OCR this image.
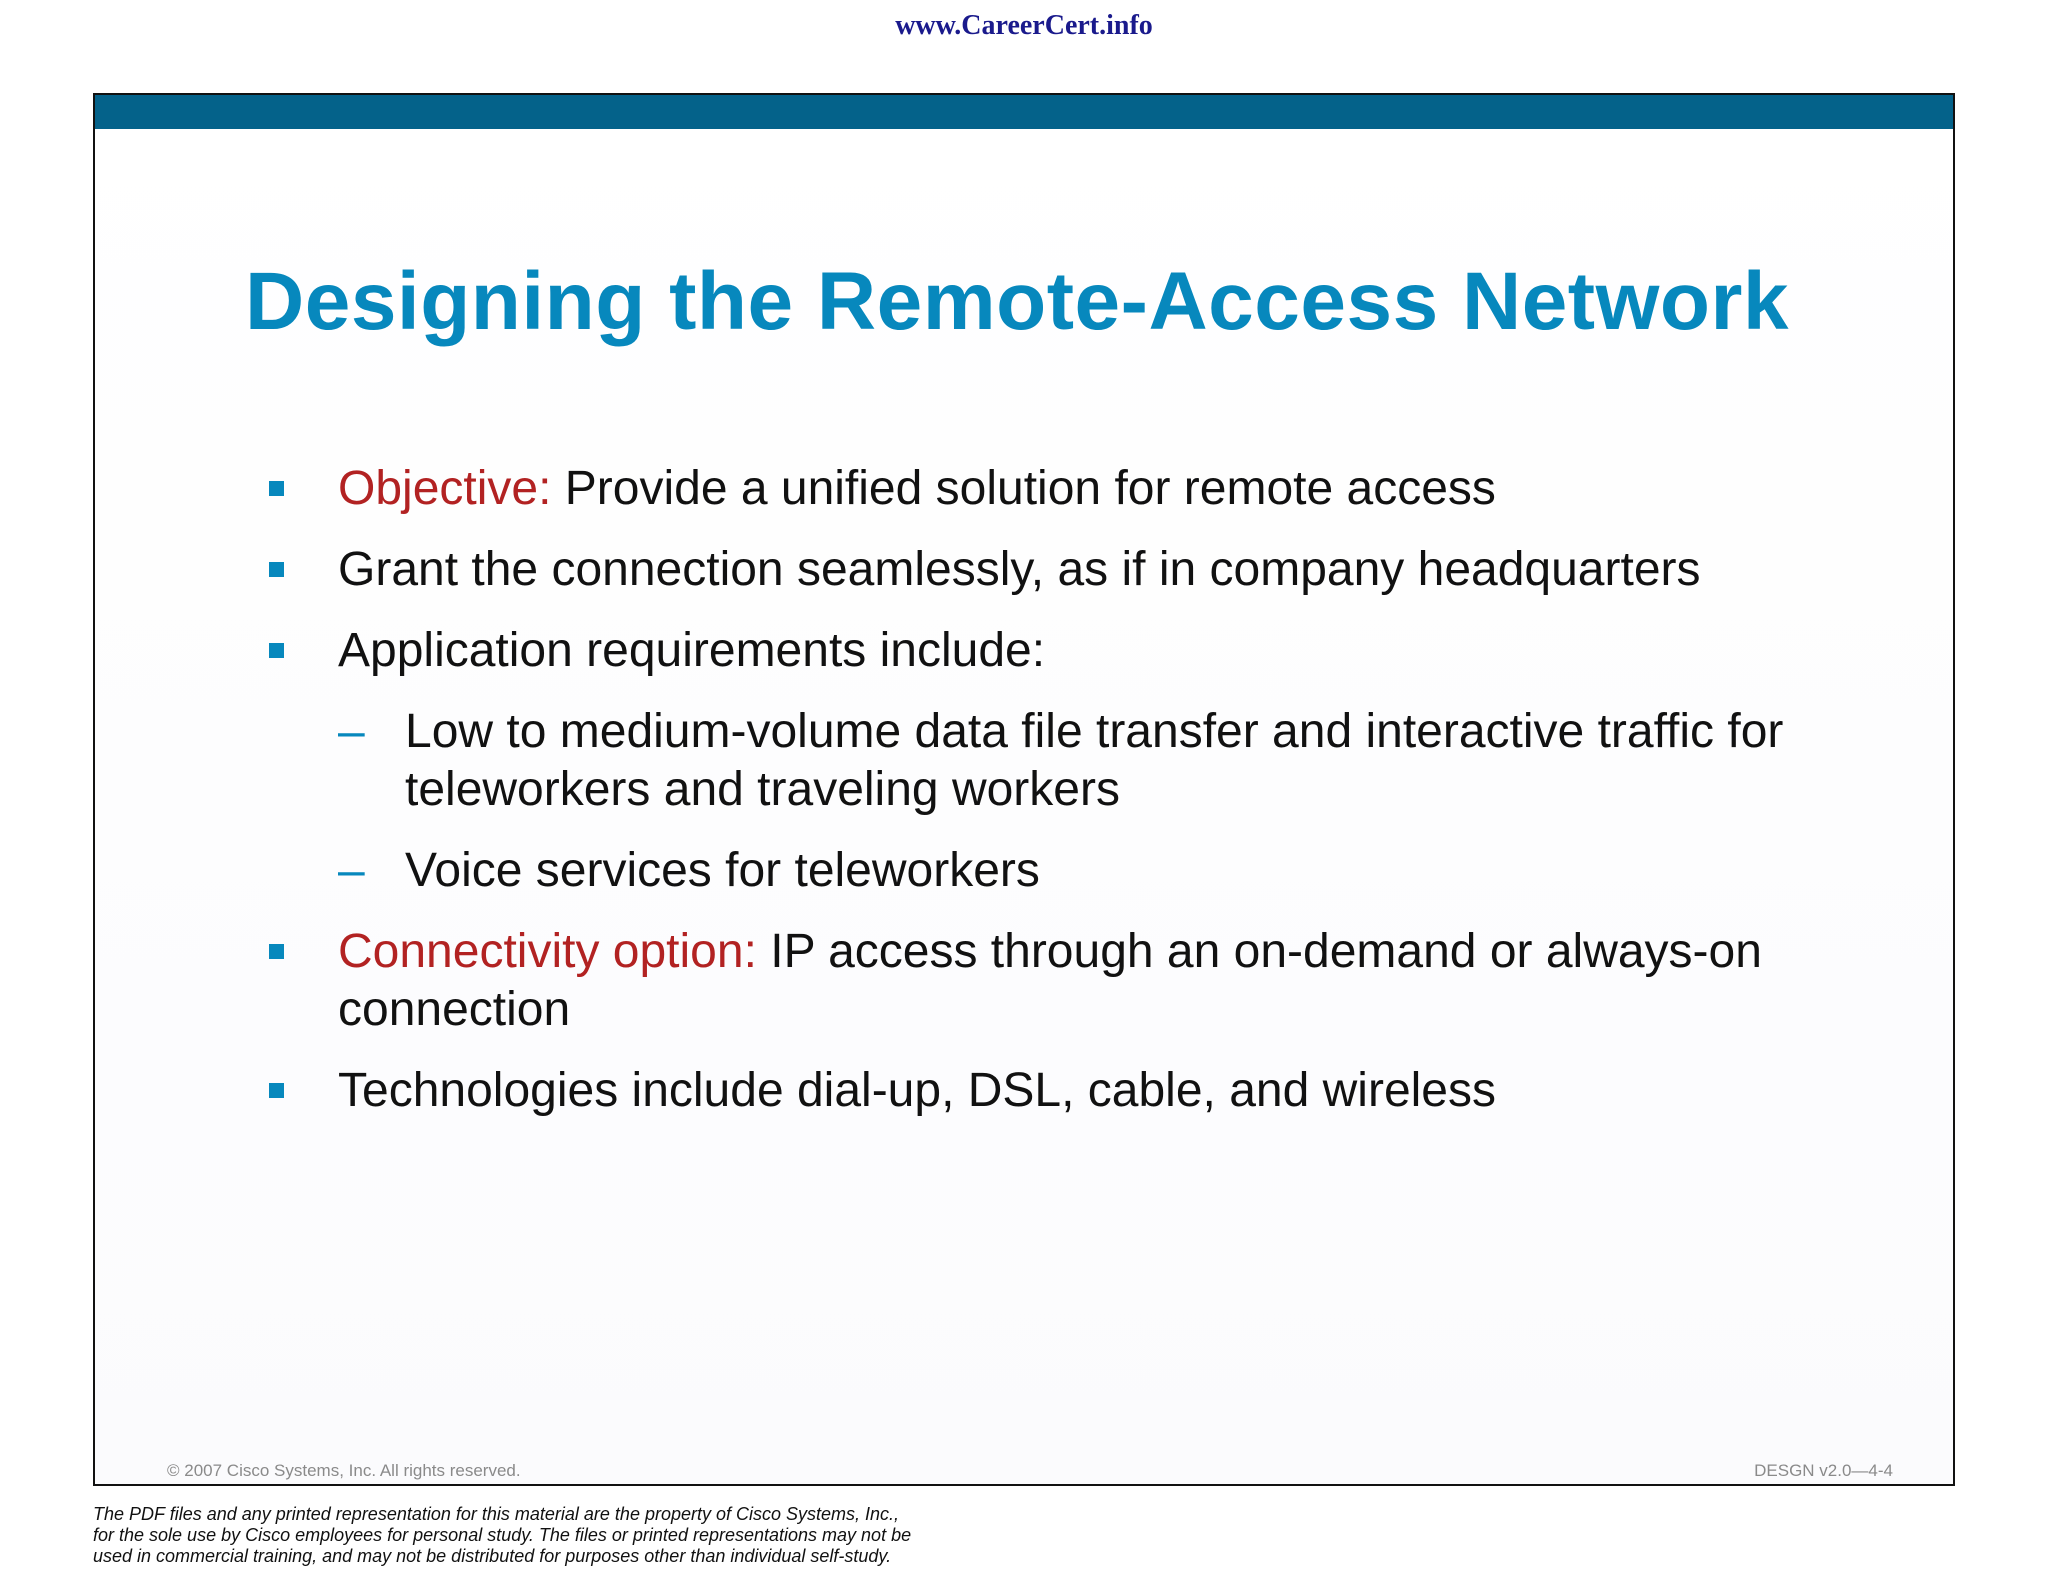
www.CareerCert.info
Designing the Remote-Access Network
Objective: Provide a unified solution for remote access
Grant the connection seamlessly, as if in company headquarters
Application requirements include:
– Low to medium-volume data file transfer and interactive traffic for teleworkers and traveling workers
– Voice services for teleworkers
Connectivity option: IP access through an on-demand or always-on connection
Technologies include dial-up, DSL, cable, and wireless
© 2007 Cisco Systems, Inc. All rights reserved.	DESGN v2.0—4-4
The PDF files and any printed representation for this material are the property of Cisco Systems, Inc.,
for the sole use by Cisco employees for personal study. The files or printed representations may not be
used in commercial training, and may not be distributed for purposes other than individual self-study.
